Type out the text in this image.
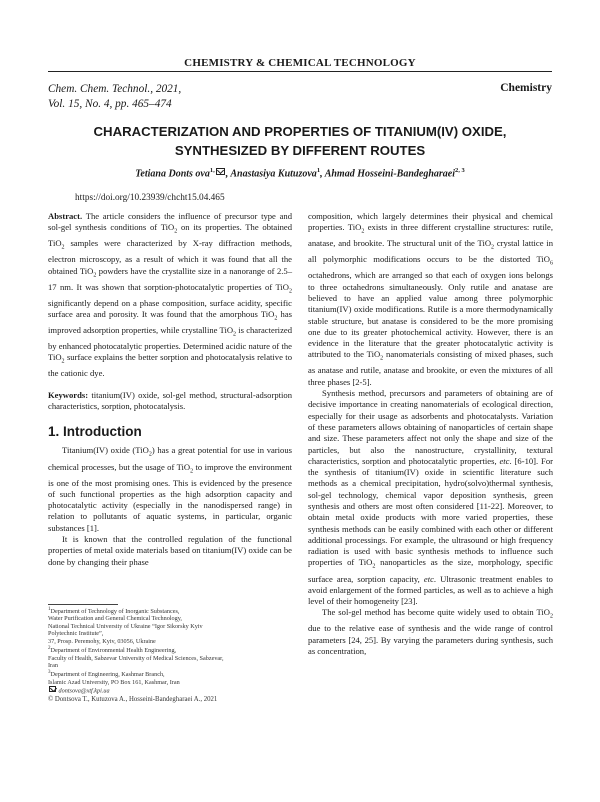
CHEMISTRY & CHEMICAL TECHNOLOGY
Chem. Chem. Technol., 2021,
Vol. 15, No. 4, pp. 465–474
Chemistry
CHARACTERIZATION AND PROPERTIES OF TITANIUM(IV) OXIDE,
SYNTHESIZED BY DIFFERENT ROUTES
Tetiana Donts ova$^{1,}$ , Anastasiya Kutuzova$^1$, Ahmad Hosseini-Bandegharaei$^{2, 3}$
https://doi.org/10.23939/chcht15.04.465

Abstract. The article considers the influence of precursor type and sol-gel synthesis conditions of TiO$_2$ on its properties. The obtained TiO$_2$ samples were characterized by X-ray diffraction methods, electron microscopy, as a result of which it was found that all the obtained TiO$_2$ powders have the crystallite size in a nanorange of 2.5–17 nm. It was shown that sorption-photocatalytic properties of TiO$_2$ significantly depend on a phase composition, surface acidity, specific surface area and porosity. It was found that the amorphous TiO$_2$ has improved adsorption properties, while crystalline TiO$_2$ is characterized by enhanced photocatalytic properties. Determined acidic nature of the TiO$_2$ surface explains the better sorption and photocatalysis relative to the cationic dye.

Keywords: titanium(IV) oxide, sol-gel method, structural-adsorption characteristics, sorption, photocatalysis.

1. Introduction

Titanium(IV) oxide (TiO$_2$) has a great potential for use in various chemical processes, but the usage of TiO$_2$ to improve the environment is one of the most promising ones. This is evidenced by the presence of such functional properties as the high adsorption capacity and photocatalytic activity (especially in the nanodispersed range) in relation to pollutants of aquatic systems, in particular, organic substances [1].

It is known that the controlled regulation of the functional properties of metal oxide materials based on titanium(IV) oxide can be done by changing their phase

$^1$Department of Technology of Inorganic Substances,

Water Purification and General Chemical Technology,

National Technical University of Ukraine “Igor Sikorsky Kyiv

Polytechnic Institute”,

37, Prosp. Peremohy, Kyiv, 03056, Ukraine

$^2$Department of Environmental Health Engineering,

Faculty of Health, Sabzevar University of Medical Sciences, Sabzevar,

Iran

$^3$Department of Engineering, Kashmar Branch,

Islamic Azad University, PO Box 161, Kashmar, Iran

dontsova@xtf.kpi.ua

© Dontsova T., Kutuzova A., Hosseini-Bandegharaei A., 2021

composition, which largely determines their physical and chemical properties. TiO$_2$ exists in three different crystalline structures: rutile, anatase, and brookite. The structural unit of the TiO$_2$ crystal lattice in all polymorphic modifications occurs to be the distorted TiO$_6$ octahedrons, which are arranged so that each of oxygen ions belongs to three octahedrons simultaneously. Only rutile and anatase are believed to have an applied value among three polymorphic titanium(IV) oxide modifications. Rutile is a more thermodynamically stable structure, but anatase is considered to be the more promising one due to its greater photochemical activity. However, there is an evidence in the literature that the greater photocatalytic activity is attributed to the TiO$_2$ nanomaterials consisting of mixed phases, such as anatase and rutile, anatase and brookite, or even the mixtures of all three phases [2-5].

Synthesis method, precursors and parameters of obtaining are of decisive importance in creating nanomaterials of ecological direction, especially for their usage as adsorbents and photocatalysts. Variation of these parameters allows obtaining of nanoparticles of certain shape and size. These parameters affect not only the shape and size of the particles, but also the nanostructure, crystallinity, textural characteristics, sorption and photocatalytic properties, etc. [6-10]. For the synthesis of titanium(IV) oxide in scientific literature such methods as a chemical precipitation, hydro(solvo)thermal synthesis, sol-gel technology, chemical vapor deposition synthesis, green synthesis and others are most often considered [11-22]. Moreover, to obtain metal oxide products with more varied properties, these synthesis methods can be easily combined with each other or different additional processings. For example, the ultrasound or high frequency radiation is used with basic synthesis methods to influence such properties of TiO$_2$ nanoparticles as the size, morphology, specific surface area, sorption capacity, etc. Ultrasonic treatment enables to avoid enlargement of the formed particles, as well as to achieve a high level of their homogeneity [23].

The sol-gel method has become quite widely used to obtain TiO$_2$ due to the relative ease of synthesis and the wide range of control parameters [24, 25]. By varying the parameters during synthesis, such as concentration,
